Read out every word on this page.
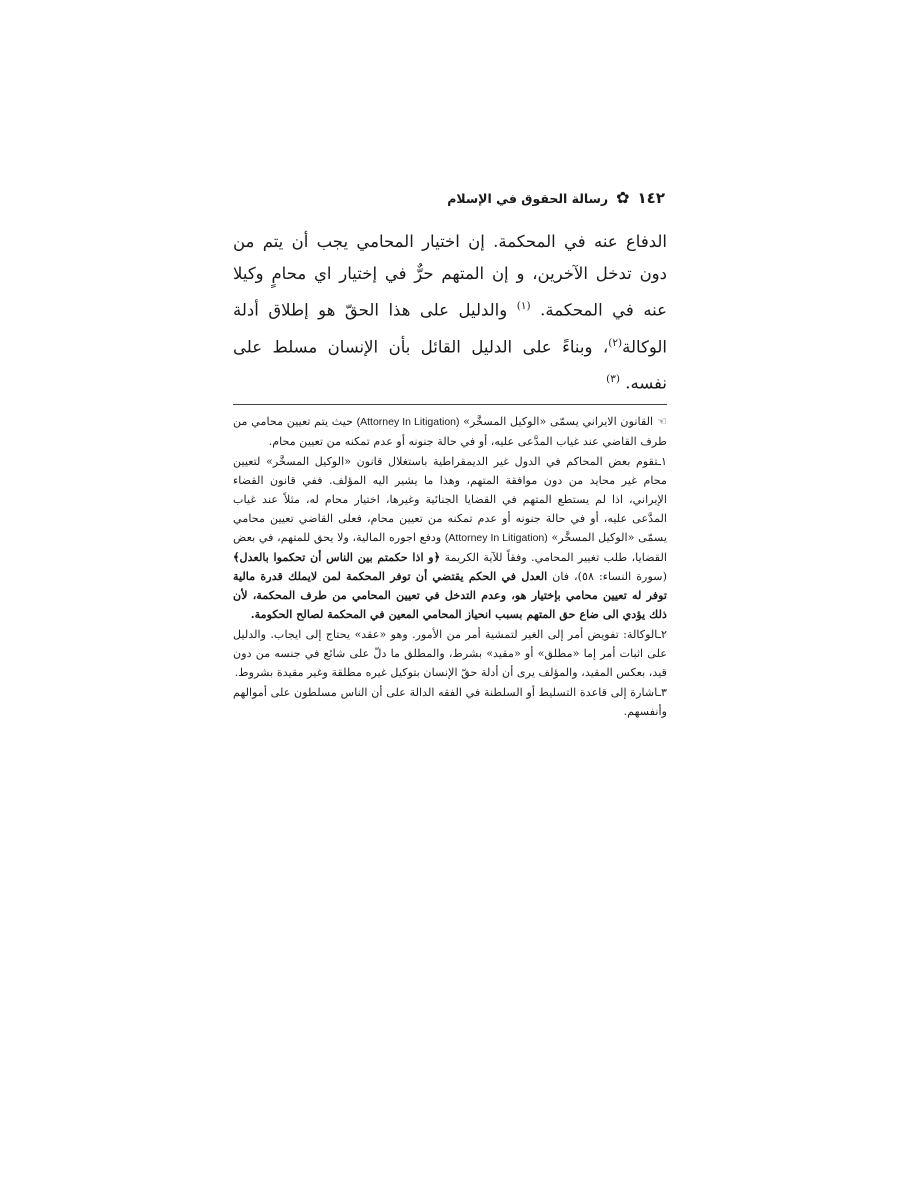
١٤٢
✿
رسالة الحقوق في الإسلام

الدفاع عنه في المحكمة. إن اختيار المحامي يجب أن يتم من دون تدخل الآخرين، و إن المتهم حرٌّ في إختيار اي محامٍ وكيلا عنه في المحكمة. $^{(١)}$ والدليل على هذا الحقّ هو إطلاق أدلة الوكالة$^{(٢)}$، وبناءً على الدليل القائل بأن الإنسان مسلط على نفسه. $^{(٣)}$

☜القانون الايراني يسمّى «الوكيل المسخَّر» (Attorney In Litigation) حيث يتم تعيين محامي من طرف القاضي عند غياب المدَّعى عليه، أو في حالة جنونه أو عدم تمكنه من تعيين محام.

١ـتقوم بعض المحاكم في الدول غير الديمقراطية باستغلال قانون «الوكيل المسخَّر» لتعيين محام غير محايد من دون موافقة المتهم، وهذا ما يشير اليه المؤلف. ففي قانون القضاء الإيراني، اذا لم يستطع المتهم في القضايا الجنائية وغيرها، اختيار محام له، مثلاً عند غياب المدَّعى عليه، أو في حالة جنونه أو عدم تمكنه من تعيين محام، فعلى القاضي تعيين محامي يسمّى «الوكيل المسخَّر» (Attorney In Litigation) ودفع اجوره المالية، ولا يحق للمتهم، في بعض القضايا، طلب تغيير المحامي. وفقاً للآية الكريمة ﴿و اذا حكمتم بين الناس أن تحكموا بالعدل﴾ (سورة النساء: ٥٨)، فان العدل في الحكم يقتضي أن توفر المحكمة لمن لايملك قدرة مالية توفر له تعيين محامي بإختيار هو، وعدم التدخل في تعيين المحامي من طرف المحكمة، لأن ذلك يؤدي الى ضاع حق المتهم بسبب انحياز المحامي المعين في المحكمة لصالح الحكومة.

٢ـالوكالة: تفويض أمر إلى الغير لتمشية أمر من الأمور. وهو «عقد» يحتاج إلى ايجاب. والدليل على اثبات أمر إما «مطلق» أو «مقيد» بشرط، والمطلق ما دلّ على شائع في جنسه من دون قيد، بعكس المقيد، والمؤلف يرى أن أدلة حقّ الإنسان بتوكيل غيره مطلقة وغير مقيدة بشروط.

٣ـاشارة إلى قاعدة التسليط أو السلطنة في الفقه الدالة على أن الناس مسلطون على أموالهم وأنفسهم.
